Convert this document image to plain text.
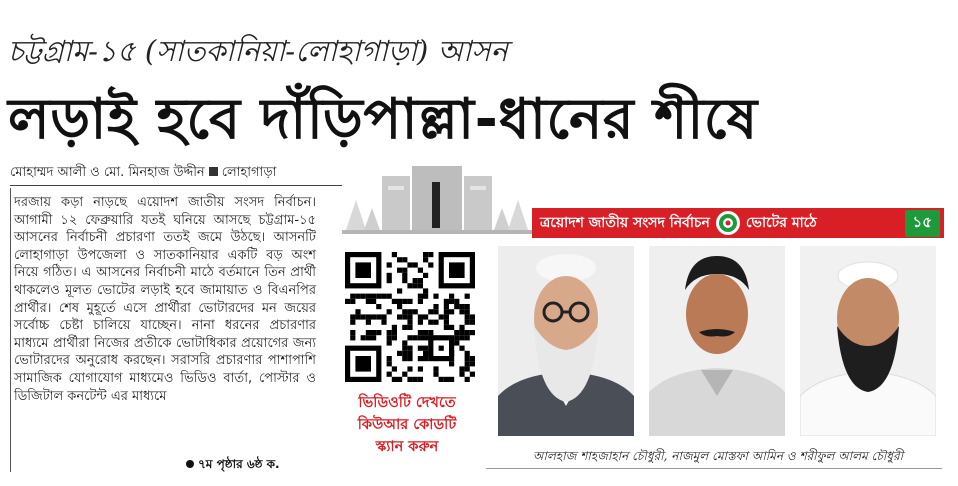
চট্টগ্রাম-১৫ (সাতকানিয়া-লোহাগাড়া) আসন
লড়াই হবে দাঁড়িপাল্লা-ধানের শীষে
মোহাম্মদ আলী ও মো. মিনহাজ উদ্দীন লোহাগাড়া
দরজায় কড়া নাড়ছে এয়োদশ জাতীয় সংসদ নির্বাচন। আগামী ১২ ফেব্রুয়ারি যতই ঘনিয়ে আসছে চট্টগ্রাম-১৫ আসনের নির্বাচনী প্রচারণা ততই জমে উঠছে। আসনটি লোহাগাড়া উপজেলা ও সাতকানিয়ার একটি বড় অংশ নিয়ে গঠিত। এ আসনের নির্বাচনী মাঠে বর্তমানে তিন প্রার্থী থাকলেও মূলত ভোটের লড়াই হবে জামায়াত ও বিএনপির প্রার্থীর। শেষ মুহূর্তে এসে প্রার্থীরা ভোটারদের মন জয়ের সর্বোচ্চ চেষ্টা চালিয়ে যাচ্ছেন। নানা ধরনের প্রচারণার মাধ্যমে প্রার্থীরা নিজের প্রতীকে ভোটাধিকার প্রয়োগের জন্য ভোটারদের অনুরোধ করছেন। সরাসরি প্রচারণার পাশাপাশি সামাজিক যোগাযোগ মাধ্যমেও ভিডিও বার্তা, পোস্টার ও ডিজিটাল কনটেন্ট এর মাধ্যমে
৭ম পৃষ্ঠার ৬ষ্ঠ ক.
ত্রয়োদশ জাতীয় সংসদ নির্বাচন	ভোটের মাঠে	১৫
ভিডিওটি দেখতে
কিউআর কোডটি
স্ক্যান করুন
আলহাজ শাহজাহান চৌধুরী, নাজমুল মোস্তফা আমিন ও শরীফুল আলম চৌধুরী
